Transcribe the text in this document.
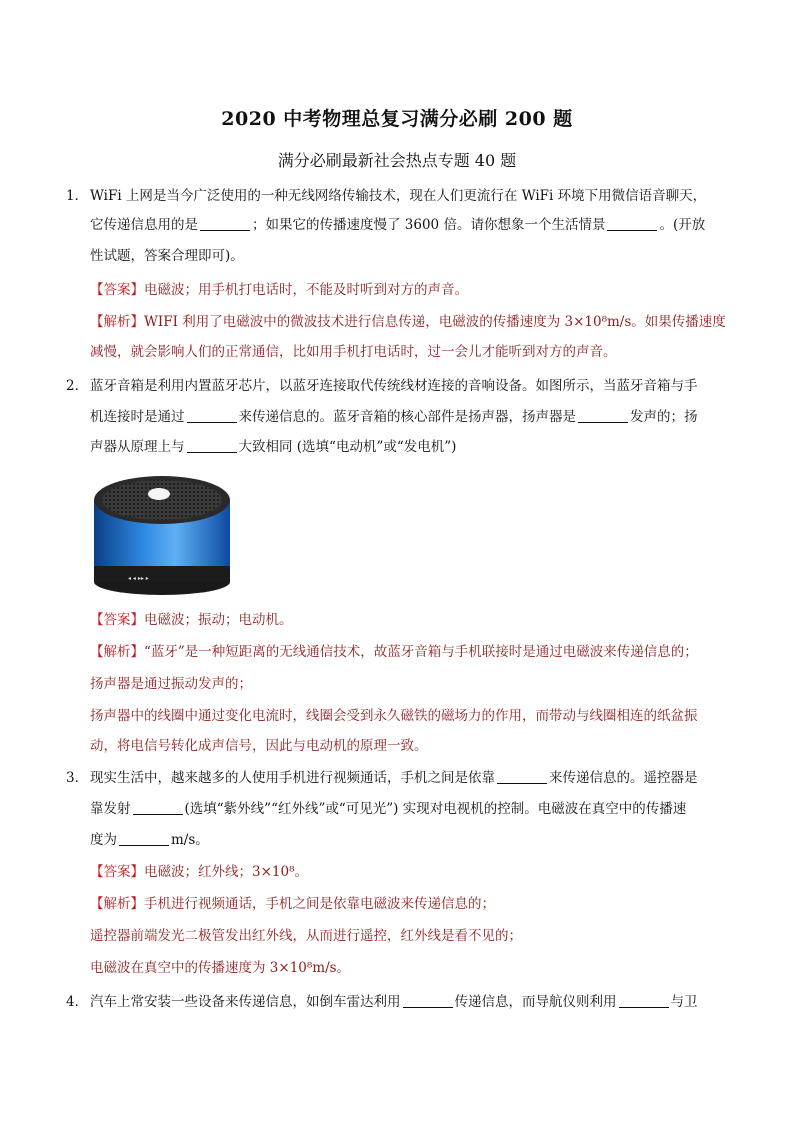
2020 中考物理总复习满分必刷 200 题
满分必刷最新社会热点专题 40 题
1． WiFi 上网是当今广泛使用的一种无线网络传输技术，现在人们更流行在 WiFi 环境下用微信语音聊天，
它传递信息用的是	；如果它的传播速度慢了 3600 倍。请你想象一个生活情景	。(开放
性试题，答案合理即可)。
【答案】电磁波；用手机打电话时，不能及时听到对方的声音。
【解析】WIFI 利用了电磁波中的微波技术进行信息传递，电磁波的传播速度为 3×10⁸m/s。如果传播速度
减慢，就会影响人们的正常通信，比如用手机打电话时，过一会儿才能听到对方的声音。
2． 蓝牙音箱是利用内置蓝牙芯片，以蓝牙连接取代传统线材连接的音响设备。如图所示，当蓝牙音箱与手
机连接时是通过	来传递信息的。蓝牙音箱的核心部件是扬声器，扬声器是	发声的；扬
声器从原理上与	大致相同 (选填“电动机”或“发电机”)
◂ ◂ ▸▸ ▸
【答案】电磁波；振动；电动机。
【解析】“蓝牙”是一种短距离的无线通信技术，故蓝牙音箱与手机联接时是通过电磁波来传递信息的；
扬声器是通过振动发声的；
扬声器中的线圈中通过变化电流时，线圈会受到永久磁铁的磁场力的作用，而带动与线圈相连的纸盆振
动，将电信号转化成声信号，因此与电动机的原理一致。
3． 现实生活中，越来越多的人使用手机进行视频通话，手机之间是依靠	来传递信息的。遥控器是
靠发射	(选填“紫外线”“红外线”或“可见光”) 实现对电视机的控制。电磁波在真空中的传播速
度为	m/s。
【答案】电磁波；红外线；3×10⁸。
【解析】手机进行视频通话，手机之间是依靠电磁波来传递信息的；
遥控器前端发光二极管发出红外线，从而进行遥控，红外线是看不见的；
电磁波在真空中的传播速度为 3×10⁸m/s。
4． 汽车上常安装一些设备来传递信息，如倒车雷达利用	传递信息，而导航仪则利用	与卫
